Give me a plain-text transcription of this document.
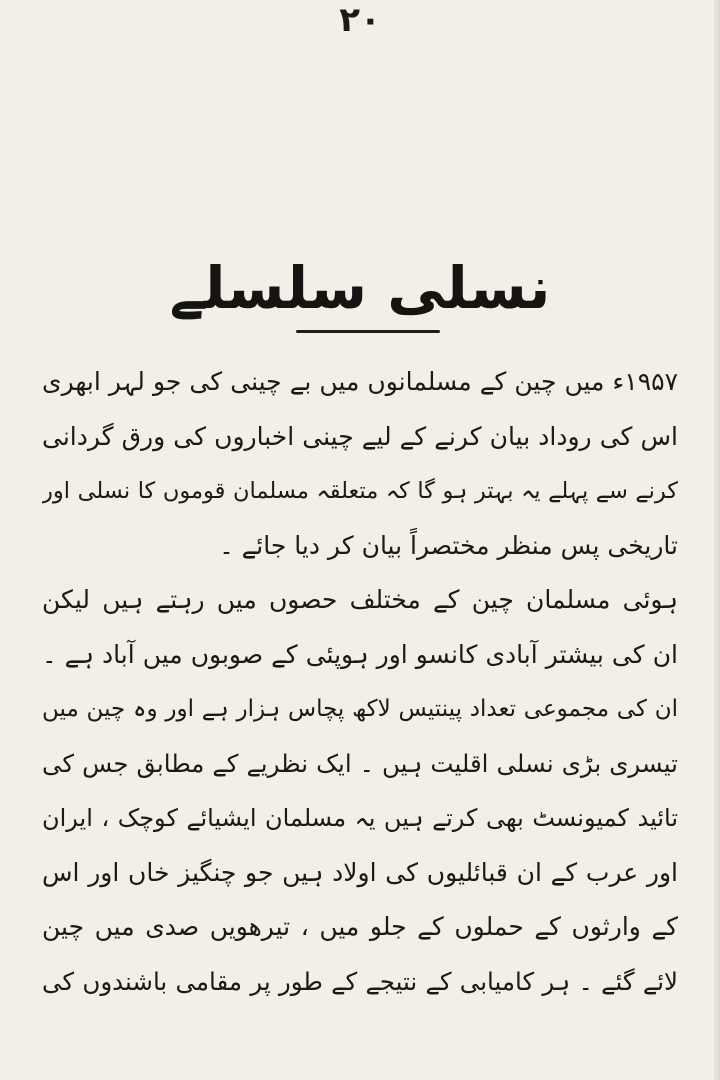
۲۰
نسلی سلسلے
۱۹۵۷ء میں چین کے مسلمانوں میں بے چینی کی جو لہر ابھری
اس کی روداد بیان کرنے کے لیے چینی اخباروں کی ورق گردانی
کرنے سے پہلے یہ بہتر ہو گا کہ متعلقہ مسلمان قوموں کا نسلی اور
تاریخی پس منظر مختصراً بیان کر دیا جائے ۔
ہوئی مسلمان چین کے مختلف حصوں میں رہتے ہیں لیکن
ان کی بیشتر آبادی کانسو اور ہوپئی کے صوبوں میں آباد ہے ۔
ان کی مجموعی تعداد پینتیس لاکھ پچاس ہزار ہے اور وہ چین میں
تیسری بڑی نسلی اقلیت ہیں ۔ ایک نظریے کے مطابق جس کی
تائید کمیونسٹ بھی کرتے ہیں یہ مسلمان ایشیائے کوچک ، ایران
اور عرب کے ان قبائلیوں کی اولاد ہیں جو چنگیز خاں اور اس
کے وارثوں کے حملوں کے جلو میں ، تیرھویں صدی میں چین
لائے گئے ۔ ہر کامیابی کے نتیجے کے طور پر مقامی باشندوں کی
